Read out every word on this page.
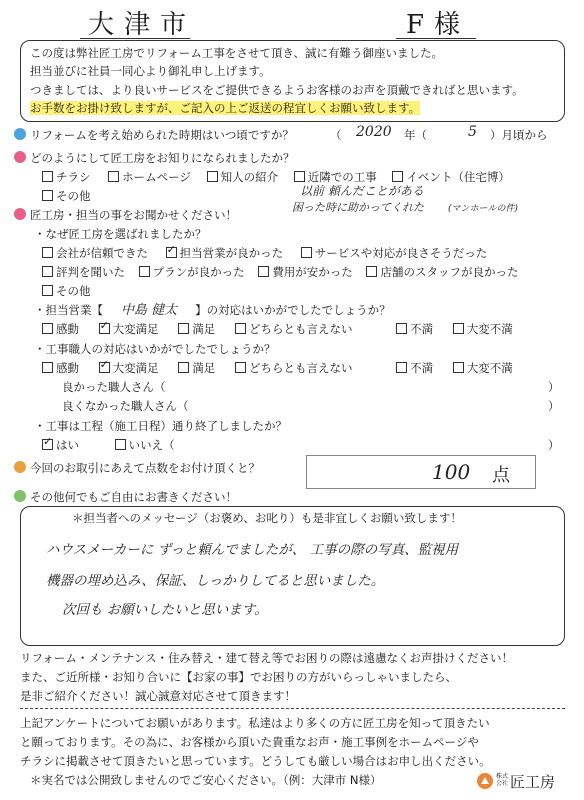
大津市	F様
この度は弊社匠工房でリフォーム工事をさせて頂き、誠に有難う御座いました。
担当並びに社員一同心より御礼申し上げます。
つきましては、より良いサービスをご提供できるようお客様のお声を頂戴できればと思います。
お手数をお掛け致しますが、ご記入の上ご返送の程宜しくお願い致します。
リフォームを考え始められた時期はいつ頃ですか？	（ 2020 年（	5 ）月頃から
どのようにして匠工房をお知りになられましたか？
チラシ	ホームページ	知人の紹介	近隣での工事	イベント（住宅博）
その他	以前 頼んだことがある
困った時に助かってくれた	(マンホールの件)
匠工房・担当の事をお聞かせください！
・なぜ匠工房を選ばれましたか？
会社が信頼できた ✓	担当営業が良かった	サービスや対応が良さそうだった
評判を聞いた プランが良かった 費用が安かった 店舗のスタッフが良かった
その他
・担当営業【 中島 健太 】の対応はいかがでしたでしょうか？
感動 ✓	大変満足	満足	どちらとも言えない	不満	大変不満
・工事職人の対応はいかがでしたでしょうか？
感動 ✓	大変満足	満足	どちらとも言えない	不満	大変不満
良かった職人さん（	）
良くなかった職人さん（	）
・工事は工程（施工日程）通り終了しましたか？
✓はい	いいえ（	）
今回のお取引にあえて点数をお付け頂くと？	100 点
その他何でもご自由にお書きください！
＊担当者へのメッセージ（お褒め、お叱り）も是非宜しくお願い致します！
ハウスメーカーに ずっと頼んでましたが、 工事の際の写真、監視用
機器の埋め込み、保証、しっかりしてると思いました。
次回も お願いしたいと思います。
リフォーム・メンテナンス・住み替え・建て替え等でお困りの際は遠慮なくお声掛けください！
また、ご近所様・お知り合いに【お家の事】でお困りの方がいらっしゃいましたら、
是非ご紹介ください！誠心誠意対応させて頂きます！
上記アンケートについてお願いがあります。私達はより多くの方に匠工房を知って頂きたい
と願っております。その為に、お客様から頂いた貴重なお声・施工事例をホームページや
チラシに掲載させて頂きたいと思っています。どうしても厳しい場合はお申し出ください。
＊実名では公開致しませんのでご安心ください。（例：大津市 N様）	株式
会社 匠工房
